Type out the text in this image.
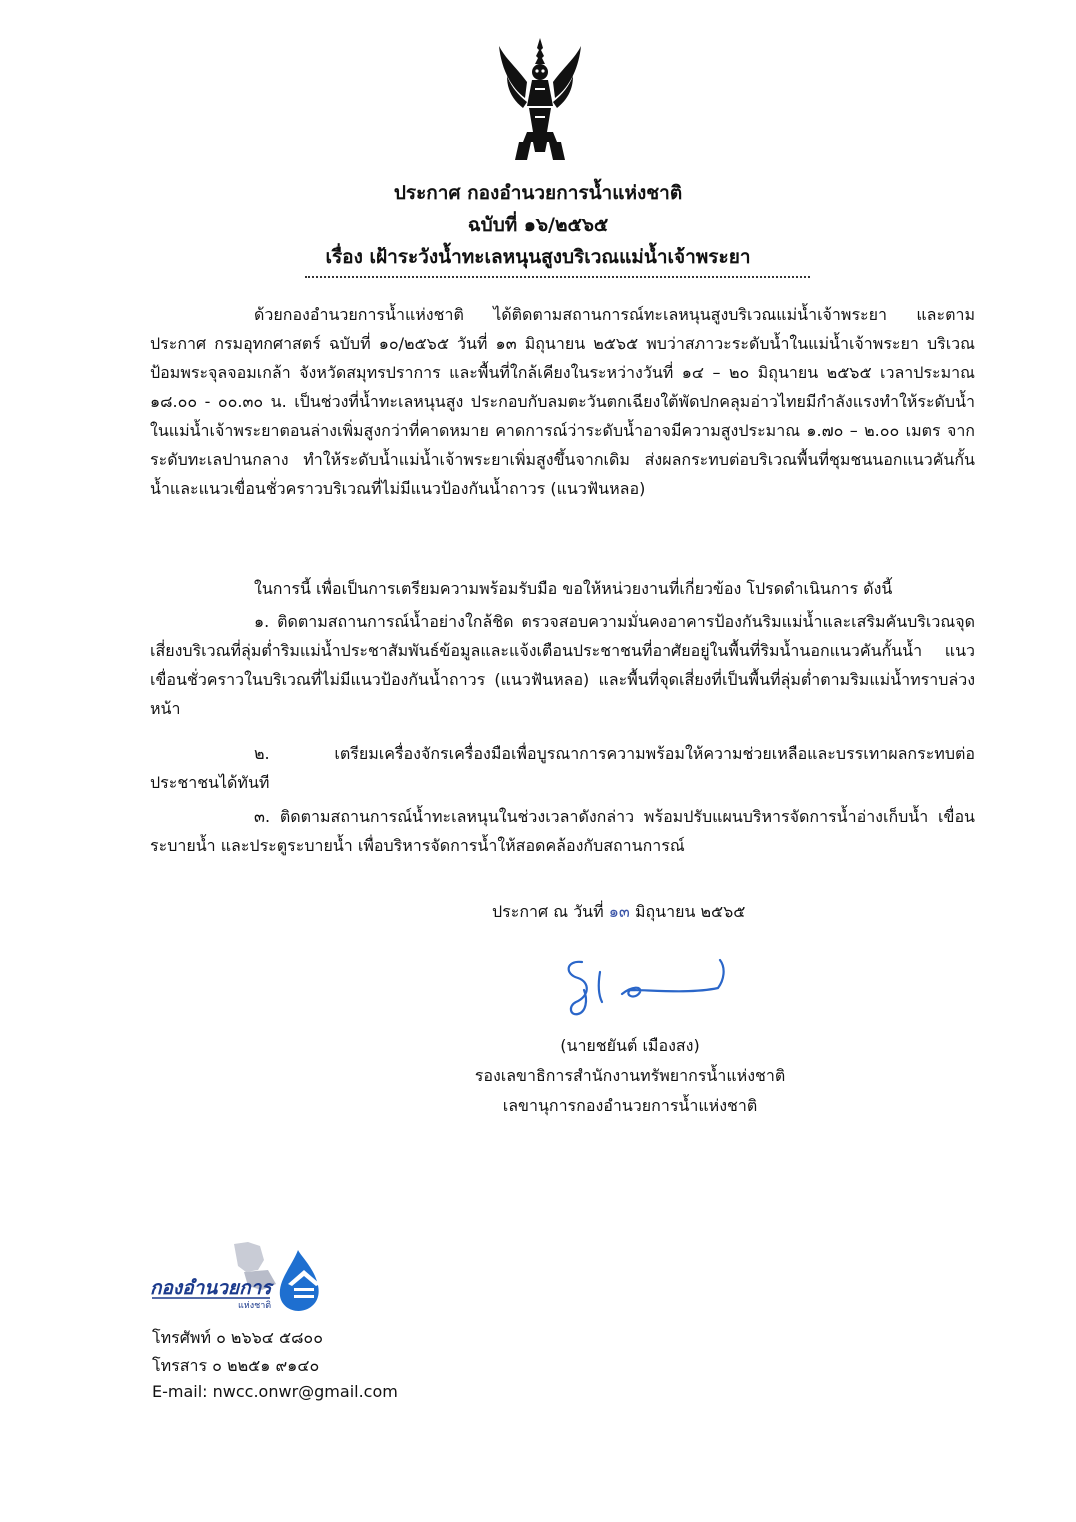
ประกาศ กองอำนวยการน้ำแห่งชาติ
ฉบับที่ ๑๖/๒๕๖๕
เรื่อง เฝ้าระวังน้ำทะเลหนุนสูงบริเวณแม่น้ำเจ้าพระยา
ด้วยกองอำนวยการน้ำแห่งชาติ ได้ติดตามสถานการณ์ทะเลหนุนสูงบริเวณแม่น้ำเจ้าพระยา และตามประกาศ กรมอุทกศาสตร์ ฉบับที่ ๑๐/๒๕๖๕ วันที่ ๑๓ มิถุนายน ๒๕๖๕ พบว่าสภาวะระดับน้ำในแม่น้ำเจ้าพระยา บริเวณป้อมพระจุลจอมเกล้า จังหวัดสมุทรปราการ และพื้นที่ใกล้เคียงในระหว่างวันที่ ๑๔ – ๒๐ มิถุนายน ๒๕๖๕ เวลาประมาณ ๑๘.๐๐ - ๐๐.๓๐ น. เป็นช่วงที่น้ำทะเลหนุนสูง ประกอบกับลมตะวันตกเฉียงใต้พัดปกคลุมอ่าวไทยมีกำลังแรงทำให้ระดับน้ำในแม่น้ำเจ้าพระยาตอนล่างเพิ่มสูงกว่าที่คาดหมาย คาดการณ์ว่าระดับน้ำอาจมีความสูงประมาณ ๑.๗๐ – ๒.๐๐ เมตร จากระดับทะเลปานกลาง ทำให้ระดับน้ำแม่น้ำเจ้าพระยาเพิ่มสูงขึ้นจากเดิม ส่งผลกระทบต่อบริเวณพื้นที่ชุมชนนอกแนวคันกั้นน้ำและแนวเขื่อนชั่วคราวบริเวณที่ไม่มีแนวป้องกันน้ำถาวร (แนวฟันหลอ)
ในการนี้ เพื่อเป็นการเตรียมความพร้อมรับมือ ขอให้หน่วยงานที่เกี่ยวข้อง โปรดดำเนินการ ดังนี้
๑. ติดตามสถานการณ์น้ำอย่างใกล้ชิด ตรวจสอบความมั่นคงอาคารป้องกันริมแม่น้ำและเสริมคันบริเวณจุดเสี่ยงบริเวณที่ลุ่มต่ำริมแม่น้ำประชาสัมพันธ์ข้อมูลและแจ้งเตือนประชาชนที่อาศัยอยู่ในพื้นที่ริมน้ำนอกแนวคันกั้นน้ำ แนวเขื่อนชั่วคราวในบริเวณที่ไม่มีแนวป้องกันน้ำถาวร (แนวฟันหลอ) และพื้นที่จุดเสี่ยงที่เป็นพื้นที่ลุ่มต่ำตามริมแม่น้ำทราบล่วงหน้า
๒. เตรียมเครื่องจักรเครื่องมือเพื่อบูรณาการความพร้อมให้ความช่วยเหลือและบรรเทาผลกระทบต่อประชาชนได้ทันที
๓. ติดตามสถานการณ์น้ำทะเลหนุนในช่วงเวลาดังกล่าว พร้อมปรับแผนบริหารจัดการน้ำอ่างเก็บน้ำ เขื่อนระบายน้ำ และประตูระบายน้ำ เพื่อบริหารจัดการน้ำให้สอดคล้องกับสถานการณ์
ประกาศ ณ วันที่ ๑๓ มิถุนายน ๒๕๖๕
(นายชยันต์ เมืองสง)
รองเลขาธิการสำนักงานทรัพยากรน้ำแห่งชาติ
เลขานุการกองอำนวยการน้ำแห่งชาติ
กองอำนวยการ
แห่งชาติ
โทรศัพท์ ๐ ๒๖๖๔ ๕๘๐๐
โทรสาร ๐ ๒๒๕๑ ๙๑๔๐
E-mail: nwcc.onwr@gmail.com
